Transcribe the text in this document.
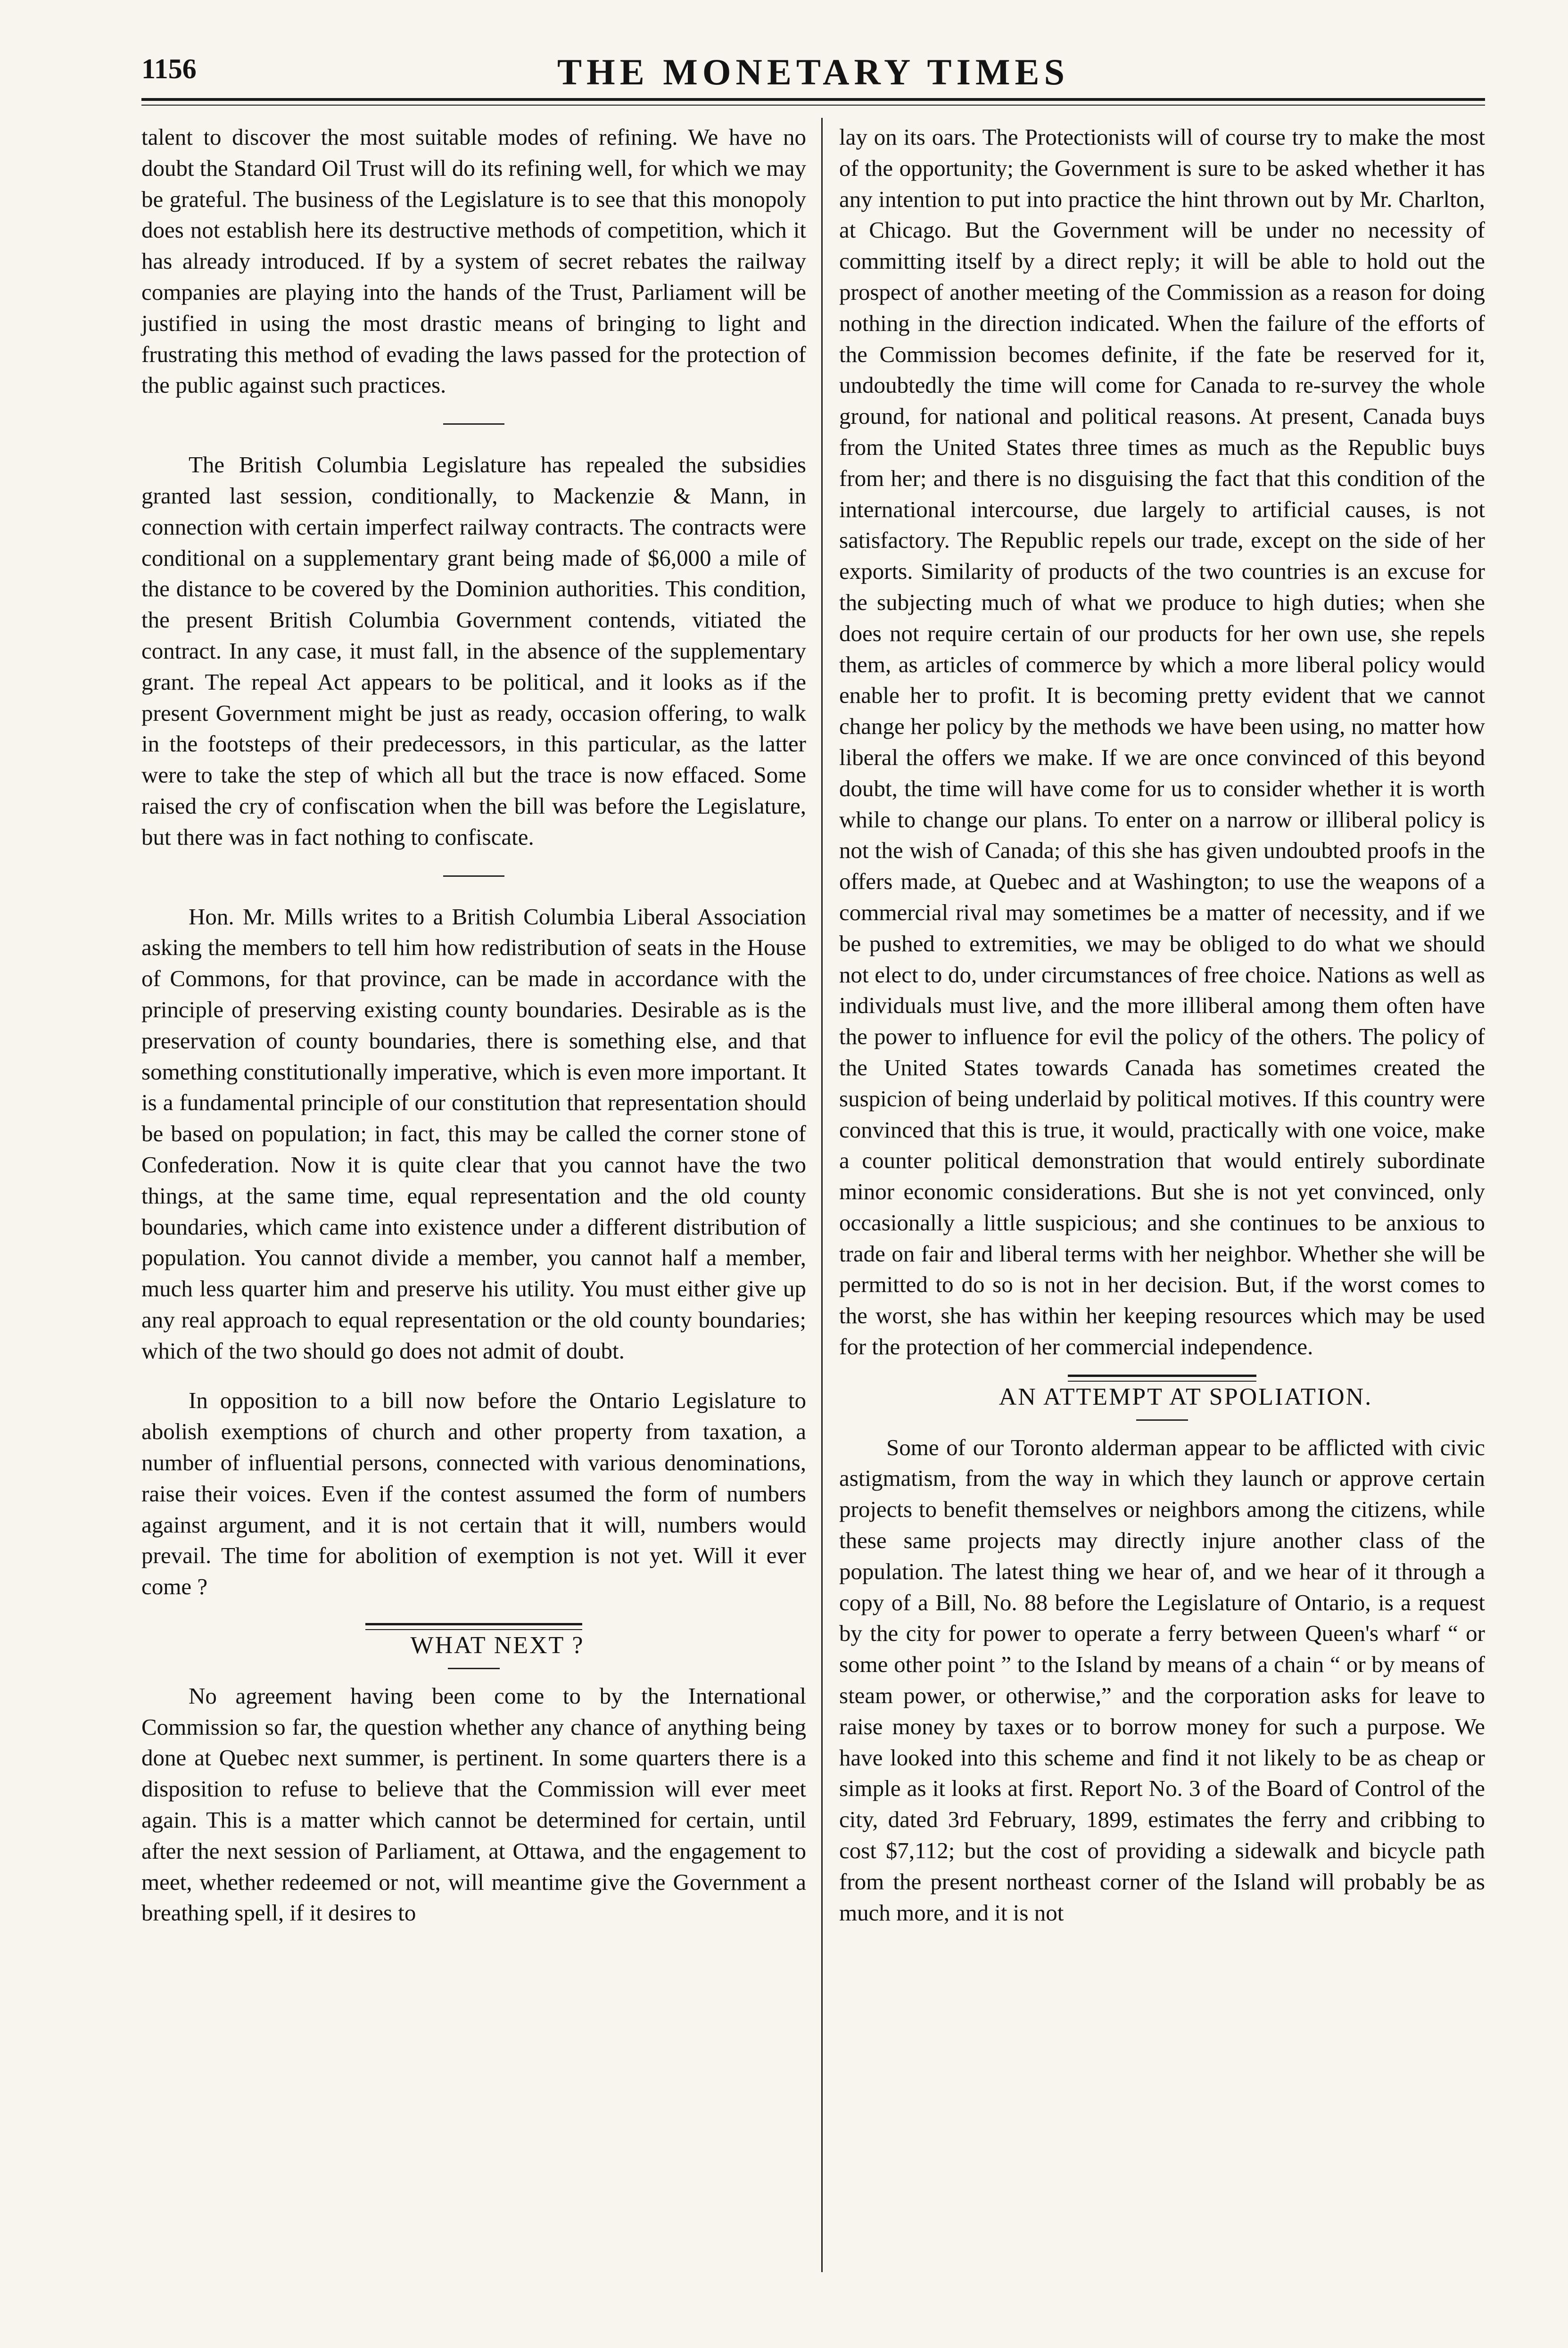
1156	THE MONETARY TIMES

talent to discover the most suitable modes of refining. We have no doubt the Standard Oil Trust will do its refining well, for which we may be grateful. The business of the Legislature is to see that this monopoly does not establish here its destructive methods of competition, which it has already introduced. If by a system of secret rebates the railway companies are playing into the hands of the Trust, Parliament will be justified in using the most drastic means of bringing to light and frustrating this method of evading the laws passed for the protection of the public against such practices.

The British Columbia Legislature has repealed the subsidies granted last session, conditionally, to Mackenzie & Mann, in connection with certain imperfect railway contracts. The contracts were conditional on a supplementary grant being made of $6,000 a mile of the distance to be covered by the Dominion authorities. This condition, the present British Columbia Government contends, vitiated the contract. In any case, it must fall, in the absence of the supplementary grant. The repeal Act appears to be political, and it looks as if the present Government might be just as ready, occasion offering, to walk in the footsteps of their predecessors, in this particular, as the latter were to take the step of which all but the trace is now effaced. Some raised the cry of confiscation when the bill was before the Legislature, but there was in fact nothing to confiscate.

Hon. Mr. Mills writes to a British Columbia Liberal Association asking the members to tell him how redistribution of seats in the House of Commons, for that province, can be made in accordance with the principle of preserving existing county boundaries. Desirable as is the preservation of county boundaries, there is something else, and that something constitutionally imperative, which is even more important. It is a fundamental principle of our constitution that representation should be based on population; in fact, this may be called the corner stone of Confederation. Now it is quite clear that you cannot have the two things, at the same time, equal representation and the old county boundaries, which came into existence under a different distribution of population. You cannot divide a member, you cannot half a member, much less quarter him and preserve his utility. You must either give up any real approach to equal representation or the old county boundaries; which of the two should go does not admit of doubt.

In opposition to a bill now before the Ontario Legislature to abolish exemptions of church and other property from taxation, a number of influential persons, connected with various denominations, raise their voices. Even if the contest assumed the form of numbers against argument, and it is not certain that it will, numbers would prevail. The time for abolition of exemption is not yet. Will it ever come ?

WHAT NEXT ?

No agreement having been come to by the International Commission so far, the question whether any chance of anything being done at Quebec next summer, is pertinent. In some quarters there is a disposition to refuse to believe that the Commission will ever meet again. This is a matter which cannot be determined for certain, until after the next session of Parliament, at Ottawa, and the engagement to meet, whether redeemed or not, will meantime give the Government a breathing spell, if it desires to

lay on its oars. The Protectionists will of course try to make the most of the opportunity; the Government is sure to be asked whether it has any intention to put into practice the hint thrown out by Mr. Charlton, at Chicago. But the Government will be under no necessity of committing itself by a direct reply; it will be able to hold out the prospect of another meeting of the Commission as a reason for doing nothing in the direction indicated. When the failure of the efforts of the Commission becomes definite, if the fate be reserved for it, undoubtedly the time will come for Canada to re-survey the whole ground, for national and political reasons. At present, Canada buys from the United States three times as much as the Republic buys from her; and there is no disguising the fact that this condition of the international intercourse, due largely to artificial causes, is not satisfactory. The Republic repels our trade, except on the side of her exports. Similarity of products of the two countries is an excuse for the subjecting much of what we produce to high duties; when she does not require certain of our products for her own use, she repels them, as articles of commerce by which a more liberal policy would enable her to profit. It is becoming pretty evident that we cannot change her policy by the methods we have been using, no matter how liberal the offers we make. If we are once convinced of this beyond doubt, the time will have come for us to consider whether it is worth while to change our plans. To enter on a narrow or illiberal policy is not the wish of Canada; of this she has given undoubted proofs in the offers made, at Quebec and at Washington; to use the weapons of a commercial rival may sometimes be a matter of necessity, and if we be pushed to extremities, we may be obliged to do what we should not elect to do, under circumstances of free choice. Nations as well as individuals must live, and the more illiberal among them often have the power to influence for evil the policy of the others. The policy of the United States towards Canada has sometimes created the suspicion of being underlaid by political motives. If this country were convinced that this is true, it would, practically with one voice, make a counter political demonstration that would entirely subordinate minor economic considerations. But she is not yet convinced, only occasionally a little suspicious; and she continues to be anxious to trade on fair and liberal terms with her neighbor. Whether she will be permitted to do so is not in her decision. But, if the worst comes to the worst, she has within her keeping resources which may be used for the protection of her commercial independence.

AN ATTEMPT AT SPOLIATION.

Some of our Toronto alderman appear to be afflicted with civic astigmatism, from the way in which they launch or approve certain projects to benefit themselves or neighbors among the citizens, while these same projects may directly injure another class of the population. The latest thing we hear of, and we hear of it through a copy of a Bill, No. 88 before the Legislature of Ontario, is a request by the city for power to operate a ferry between Queen's wharf “ or some other point ” to the Island by means of a chain “ or by means of steam power, or otherwise,” and the corporation asks for leave to raise money by taxes or to borrow money for such a purpose. We have looked into this scheme and find it not likely to be as cheap or simple as it looks at first. Report No. 3 of the Board of Control of the city, dated 3rd February, 1899, estimates the ferry and cribbing to cost $7,112; but the cost of providing a sidewalk and bicycle path from the present northeast corner of the Island will probably be as much more, and it is not
